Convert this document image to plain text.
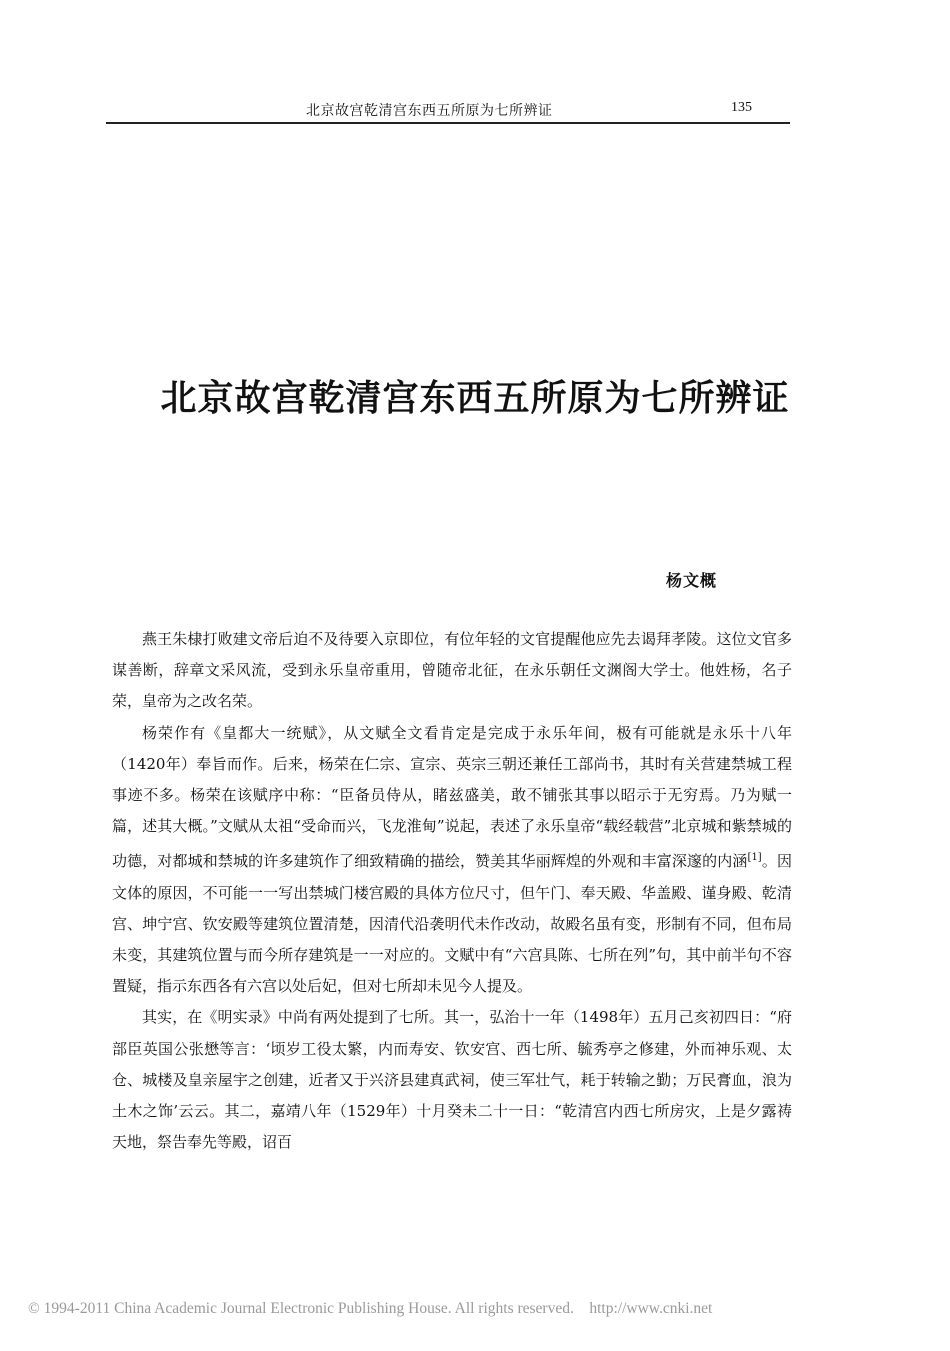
北京故宫乾清宫东西五所原为七所辨证	135
北京故宫乾清宫东西五所原为七所辨证
杨文概

燕王朱棣打败建文帝后迫不及待要入京即位，有位年轻的文官提醒他应先去谒拜孝陵。这位文官多谋善断，辞章文采风流，受到永乐皇帝重用，曾随帝北征，在永乐朝任文渊阁大学士。他姓杨，名子荣，皇帝为之改名荣。

杨荣作有《皇都大一统赋》，从文赋全文看肯定是完成于永乐年间，极有可能就是永乐十八年（1420年）奉旨而作。后来，杨荣在仁宗、宣宗、英宗三朝还兼任工部尚书，其时有关营建禁城工程事迹不多。杨荣在该赋序中称：“臣备员侍从，睹兹盛美，敢不铺张其事以昭示于无穷焉。乃为赋一篇，述其大概。”文赋从太祖“受命而兴，飞龙淮甸”说起，表述了永乐皇帝“载经载营”北京城和紫禁城的功德，对都城和禁城的许多建筑作了细致精确的描绘，赞美其华丽辉煌的外观和丰富深邃的内涵[1]。因文体的原因，不可能一一写出禁城门楼宫殿的具体方位尺寸，但午门、奉天殿、华盖殿、谨身殿、乾清宫、坤宁宫、钦安殿等建筑位置清楚，因清代沿袭明代未作改动，故殿名虽有变，形制有不同，但布局未变，其建筑位置与而今所存建筑是一一对应的。文赋中有“六宫具陈、七所在列”句，其中前半句不容置疑，指示东西各有六宫以处后妃，但对七所却未见今人提及。

其实，在《明实录》中尚有两处提到了七所。其一，弘治十一年（1498年）五月己亥初四日：“府部臣英国公张懋等言：‘顷岁工役太繁，内而寿安、钦安宫、西七所、毓秀亭之修建，外而神乐观、太仓、城楼及皇亲屋宇之创建，近者又于兴济县建真武祠，使三军壮气，耗于转输之勤；万民膏血，浪为土木之饰’云云。其二，嘉靖八年（1529年）十月癸未二十一日：“乾清宫内西七所房灾，上是夕露祷天地，祭告奉先等殿，诏百

© 1994-2011 China Academic Journal Electronic Publishing House. All rights reserved. http://www.cnki.net
